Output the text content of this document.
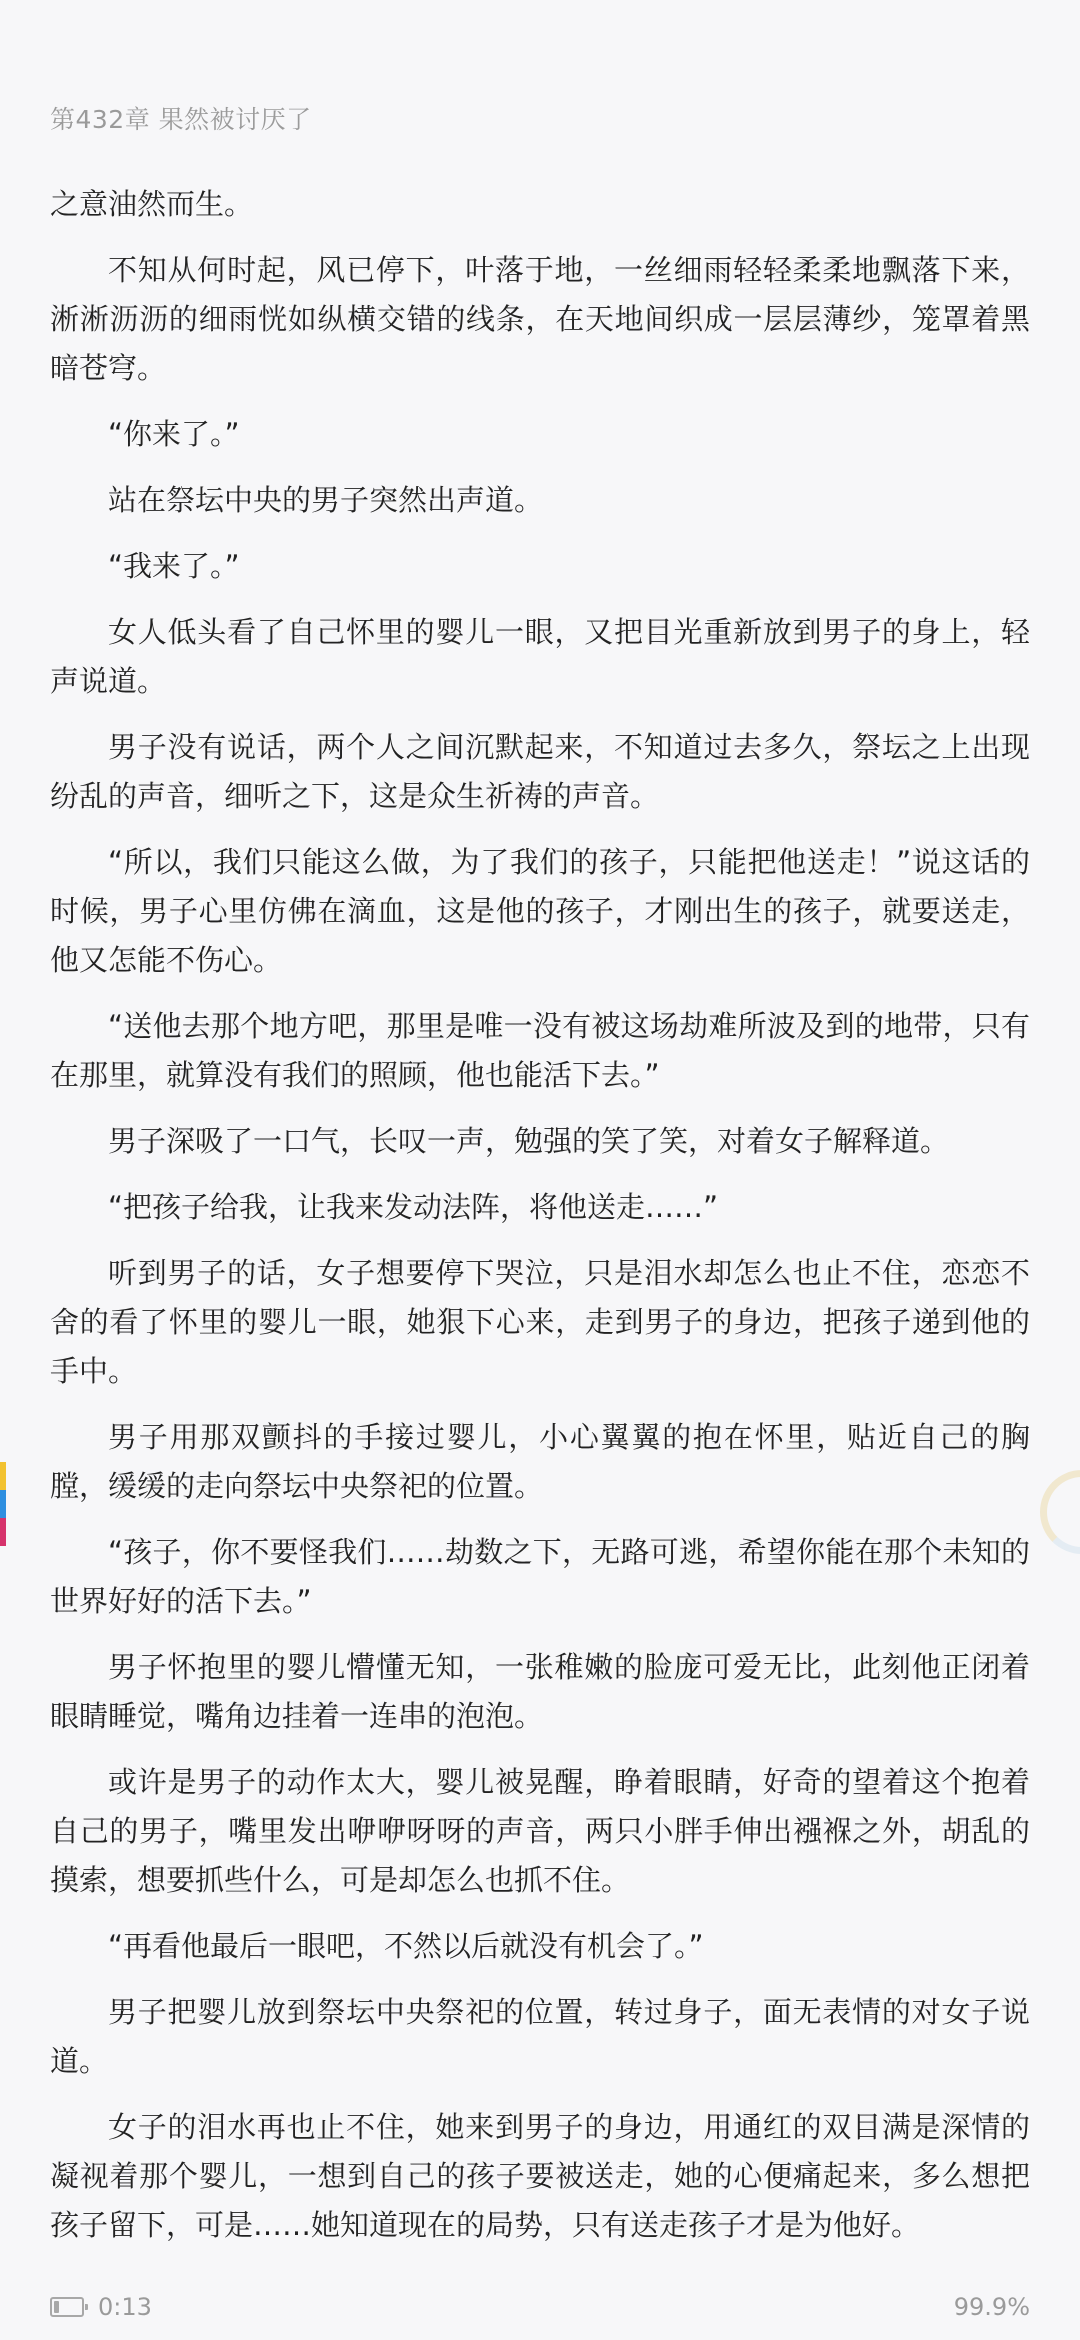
第432章 果然被讨厌了

之意油然而生。

不知从何时起，风已停下，叶落于地，一丝细雨轻轻柔柔地飘落下来，淅淅沥沥的细雨恍如纵横交错的线条，在天地间织成一层层薄纱，笼罩着黑暗苍穹。

“你来了。”

站在祭坛中央的男子突然出声道。

“我来了。”

女人低头看了自己怀里的婴儿一眼，又把目光重新放到男子的身上，轻声说道。

男子没有说话，两个人之间沉默起来，不知道过去多久，祭坛之上出现纷乱的声音，细听之下，这是众生祈祷的声音。

“所以，我们只能这么做，为了我们的孩子，只能把他送走！”说这话的时候，男子心里仿佛在滴血，这是他的孩子，才刚出生的孩子，就要送走，他又怎能不伤心。

“送他去那个地方吧，那里是唯一没有被这场劫难所波及到的地带，只有在那里，就算没有我们的照顾，他也能活下去。”

男子深吸了一口气，长叹一声，勉强的笑了笑，对着女子解释道。

“把孩子给我，让我来发动法阵，将他送走……”

听到男子的话，女子想要停下哭泣，只是泪水却怎么也止不住，恋恋不舍的看了怀里的婴儿一眼，她狠下心来，走到男子的身边，把孩子递到他的手中。

男子用那双颤抖的手接过婴儿，小心翼翼的抱在怀里，贴近自己的胸膛，缓缓的走向祭坛中央祭祀的位置。

“孩子，你不要怪我们……劫数之下，无路可逃，希望你能在那个未知的世界好好的活下去。”

男子怀抱里的婴儿懵懂无知，一张稚嫩的脸庞可爱无比，此刻他正闭着眼睛睡觉，嘴角边挂着一连串的泡泡。

或许是男子的动作太大，婴儿被晃醒，睁着眼睛，好奇的望着这个抱着自己的男子，嘴里发出咿咿呀呀的声音，两只小胖手伸出襁褓之外，胡乱的摸索，想要抓些什么，可是却怎么也抓不住。

“再看他最后一眼吧，不然以后就没有机会了。”

男子把婴儿放到祭坛中央祭祀的位置，转过身子，面无表情的对女子说道。

女子的泪水再也止不住，她来到男子的身边，用通红的双目满是深情的凝视着那个婴儿，一想到自己的孩子要被送走，她的心便痛起来，多么想把孩子留下，可是……她知道现在的局势，只有送走孩子才是为他好。

0:13	99.9%
